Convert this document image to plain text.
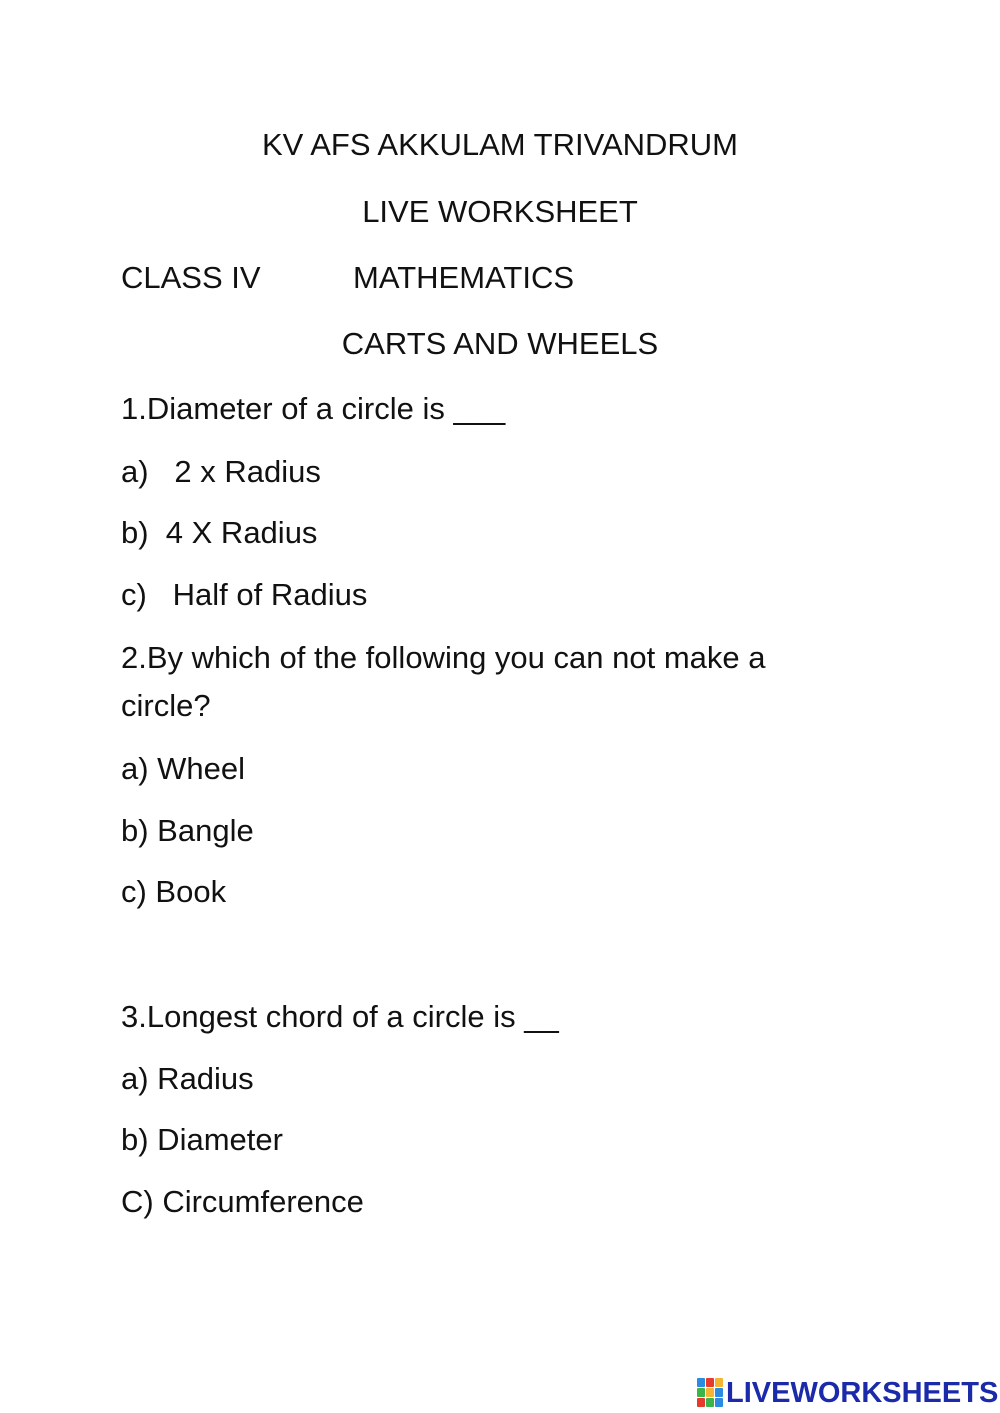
KV AFS AKKULAM TRIVANDRUM
LIVE WORKSHEET
CLASS IV	MATHEMATICS
CARTS AND WHEELS
1.Diameter of a circle is ___
a)   2 x Radius
b)  4 X Radius
c)   Half of Radius
2.By which of the following you can not make a
circle?
a) Wheel
b) Bangle
c) Book
3.Longest chord of a circle is __
a) Radius
b) Diameter
C) Circumference
LIVEWORKSHEETS
